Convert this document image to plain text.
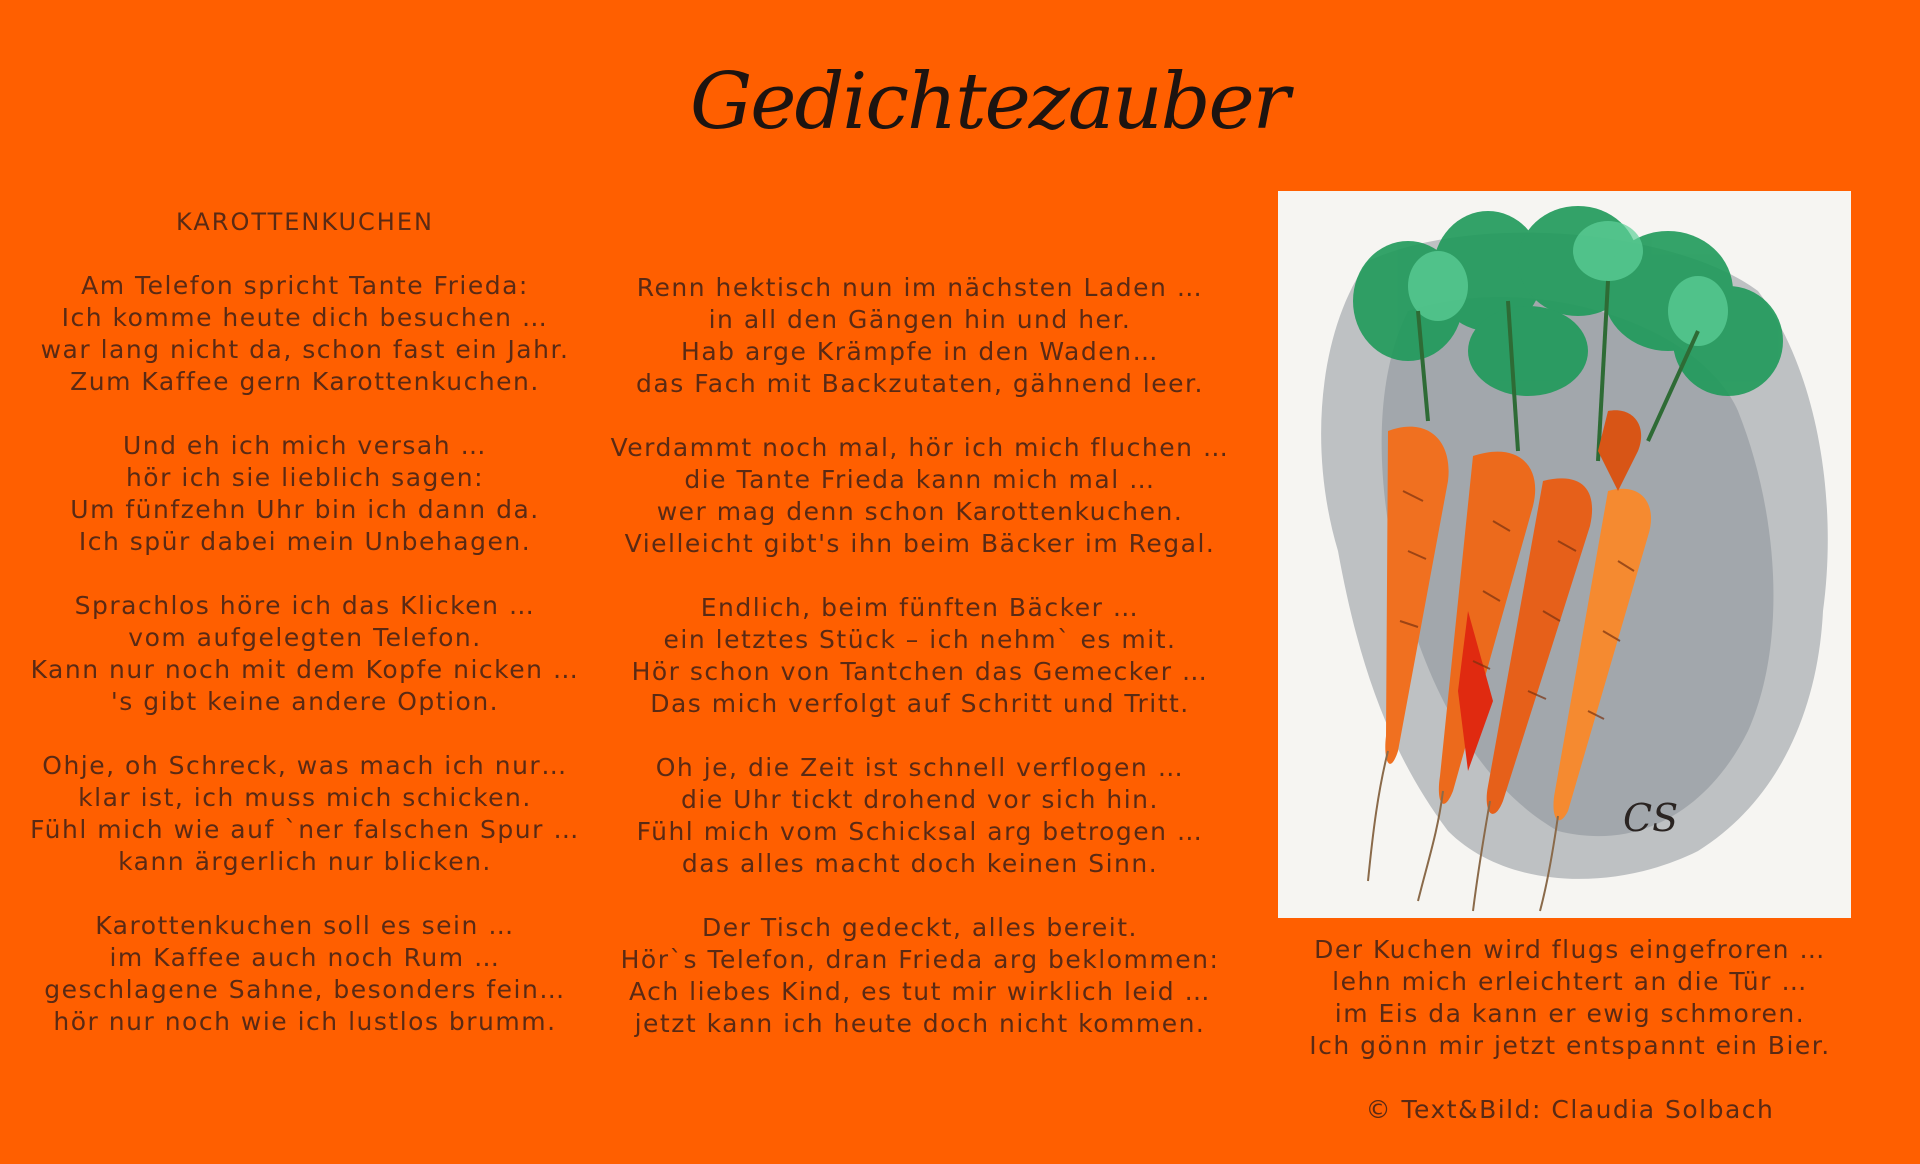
Gedichtezauber
KAROTTENKUCHEN
Am Telefon spricht Tante Frieda:
Ich komme heute dich besuchen …
war lang nicht da, schon fast ein Jahr.
Zum Kaffee gern Karottenkuchen.
Und eh ich mich versah …
hör ich sie lieblich sagen:
Um fünfzehn Uhr bin ich dann da.
Ich spür dabei mein Unbehagen.
Sprachlos höre ich das Klicken …
vom aufgelegten Telefon.
Kann nur noch mit dem Kopfe nicken …
's gibt keine andere Option.
Ohje, oh Schreck, was mach ich nur…
klar ist, ich muss mich schicken.
Fühl mich wie auf `ner falschen Spur …
kann ärgerlich nur blicken.
Karottenkuchen soll es sein …
im Kaffee auch noch Rum …
geschlagene Sahne, besonders fein…
hör nur noch wie ich lustlos brumm.
Renn hektisch nun im nächsten Laden …
in all den Gängen hin und her.
Hab arge Krämpfe in den Waden…
das Fach mit Backzutaten, gähnend leer.
Verdammt noch mal, hör ich mich fluchen …
die Tante Frieda kann mich mal …
wer mag denn schon Karottenkuchen.
Vielleicht gibt's ihn beim Bäcker im Regal.
Endlich, beim fünften Bäcker …
ein letztes Stück – ich nehm` es mit.
Hör schon von Tantchen das Gemecker …
Das mich verfolgt auf Schritt und Tritt.
Oh je, die Zeit ist schnell verflogen …
die Uhr tickt drohend vor sich hin.
Fühl mich vom Schicksal arg betrogen …
das alles macht doch keinen Sinn.
Der Tisch gedeckt, alles bereit.
Hör`s Telefon, dran Frieda arg beklommen:
Ach liebes Kind, es tut mir wirklich leid …
jetzt kann ich heute doch nicht kommen.
CS
Der Kuchen wird flugs eingefroren …
lehn mich erleichtert an die Tür …
im Eis da kann er ewig schmoren.
Ich gönn mir jetzt entspannt ein Bier.
© Text&Bild: Claudia Solbach
